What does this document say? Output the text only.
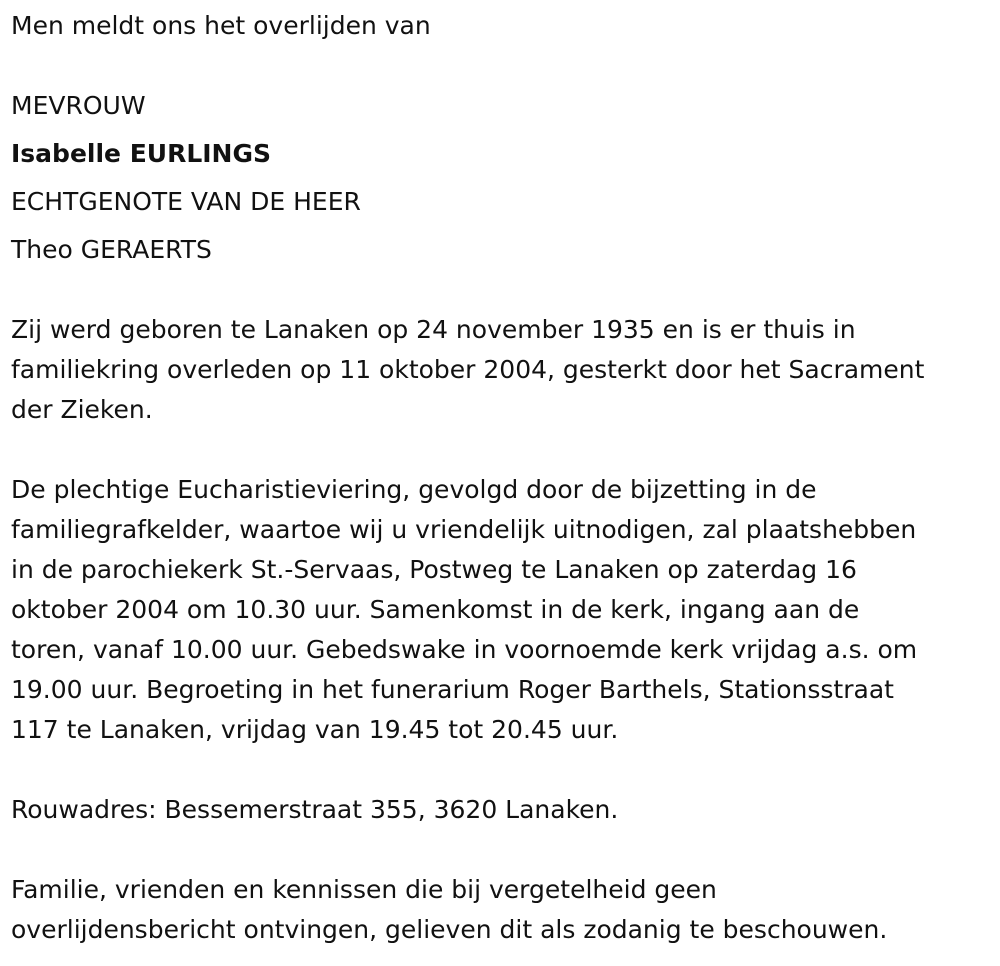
Men meldt ons het overlijden van

MEVROUW

Isabelle EURLINGS

ECHTGENOTE VAN DE HEER

Theo GERAERTS

Zij werd geboren te Lanaken op 24 november 1935 en is er thuis in
familiekring overleden op 11 oktober 2004, gesterkt door het Sacrament
der Zieken.
De plechtige Eucharistieviering, gevolgd door de bijzetting in de
familiegrafkelder, waartoe wij u vriendelijk uitnodigen, zal plaatshebben
in de parochiekerk St.-Servaas, Postweg te Lanaken op zaterdag 16
oktober 2004 om 10.30 uur. Samenkomst in de kerk, ingang aan de
toren, vanaf 10.00 uur. Gebedswake in voornoemde kerk vrijdag a.s. om
19.00 uur. Begroeting in het funerarium Roger Barthels, Stationsstraat
117 te Lanaken, vrijdag van 19.45 tot 20.45 uur.
Rouwadres: Bessemerstraat 355, 3620 Lanaken.
Familie, vrienden en kennissen die bij vergetelheid geen
overlijdensbericht ontvingen, gelieven dit als zodanig te beschouwen.
